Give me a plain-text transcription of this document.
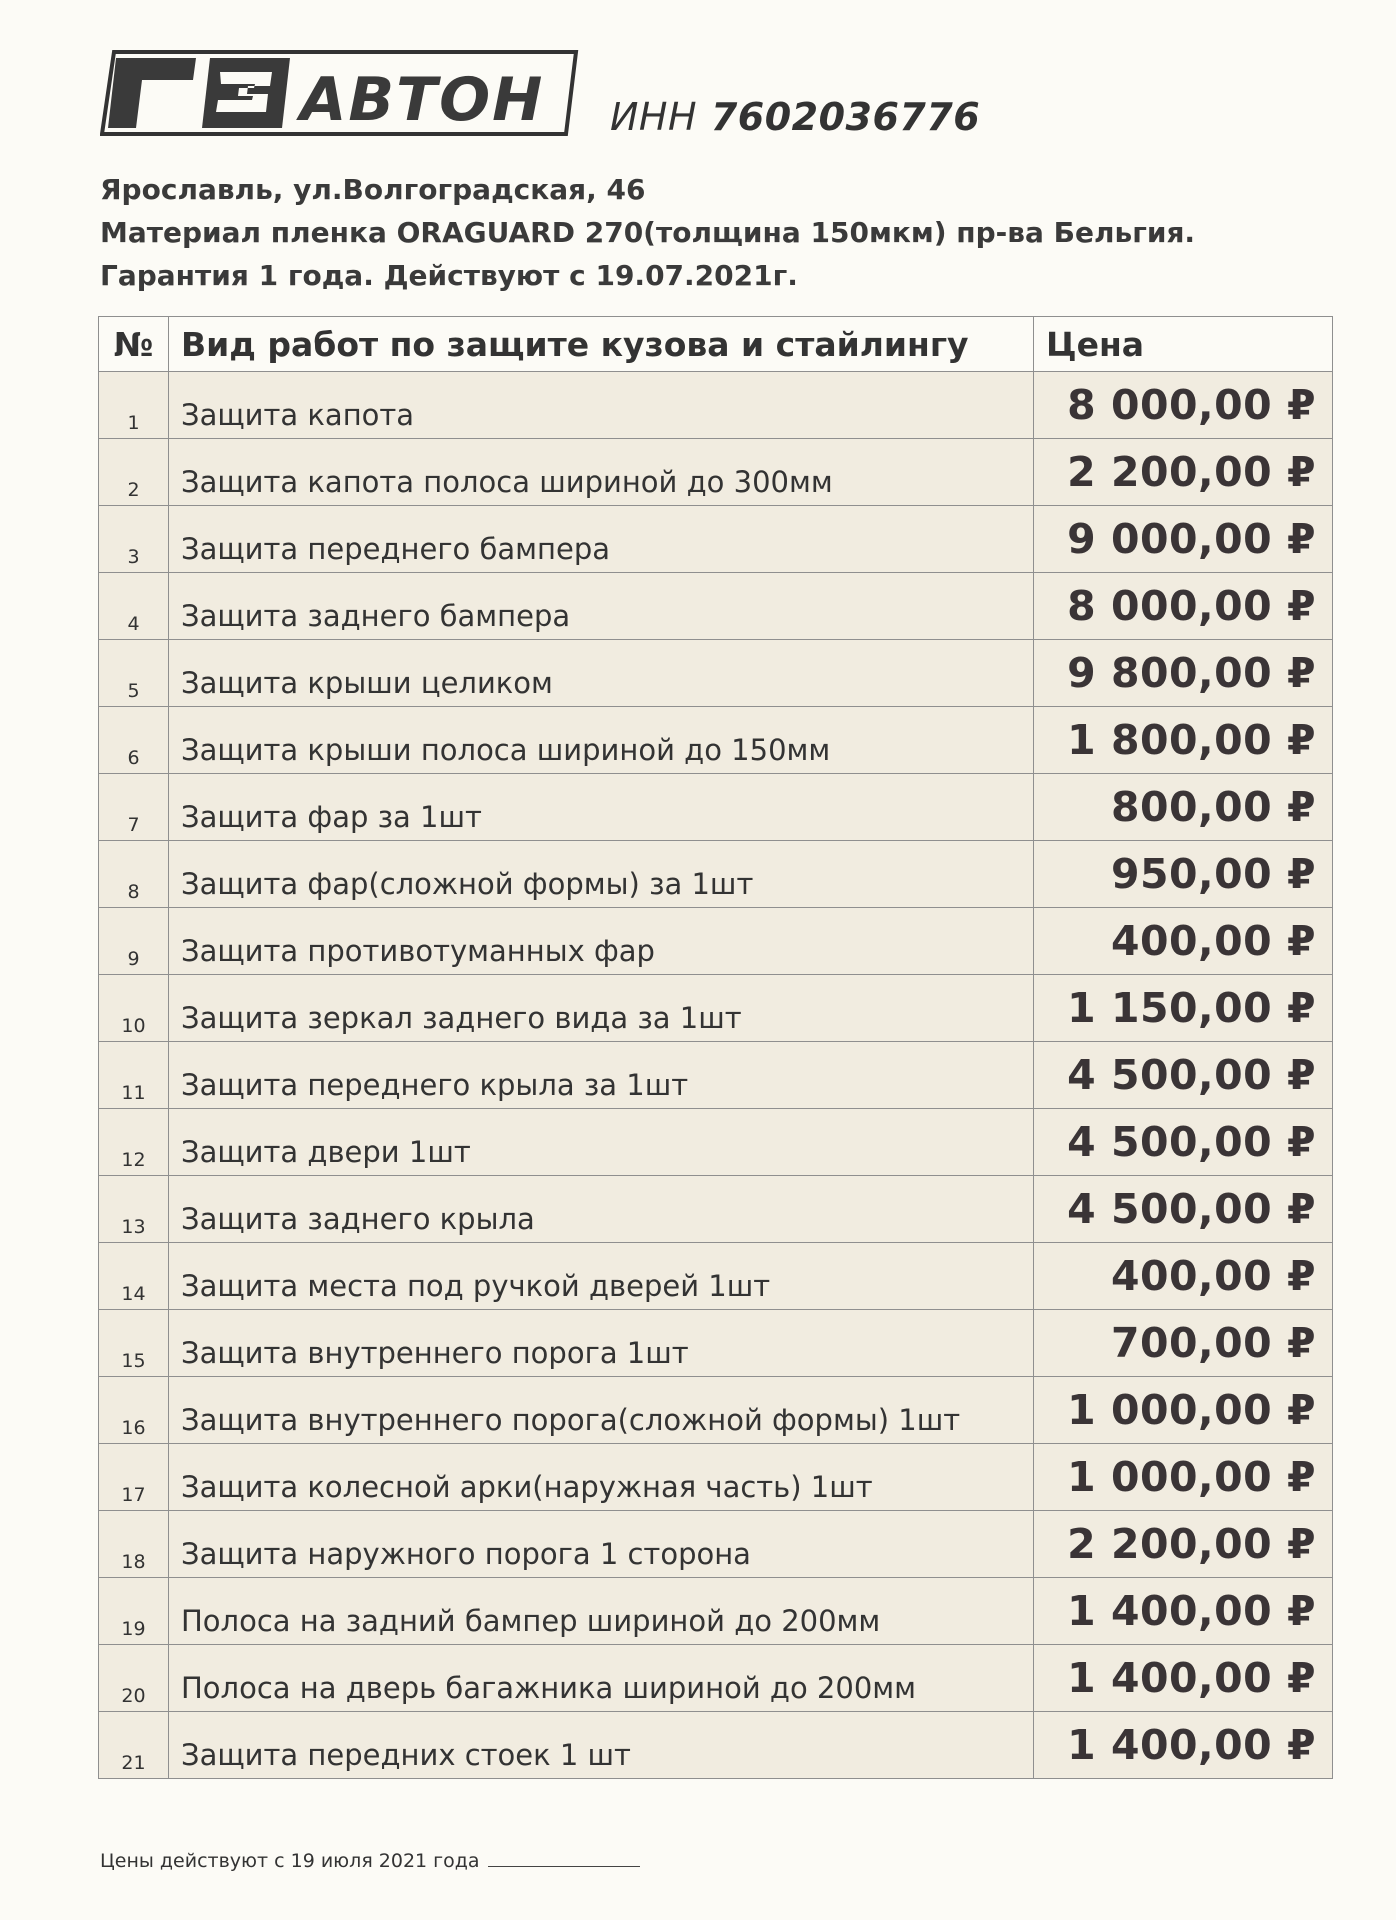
АВТОН ИНН 7602036776
Ярославль, ул.Волгоградская, 46
Материал пленка ORAGUARD 270(толщина 150мкм) пр-ва Бельгия.
Гарантия 1 года. Действуют с 19.07.2021г.
№	Вид работ по защите кузова и стайлингу	Цена
1	Защита капота	8 000,00 ₽
2	Защита капота полоса шириной до 300мм	2 200,00 ₽
3	Защита переднего бампера	9 000,00 ₽
4	Защита заднего бампера	8 000,00 ₽
5	Защита крыши целиком	9 800,00 ₽
6	Защита крыши полоса шириной до 150мм	1 800,00 ₽
7	Защита фар за 1шт	800,00 ₽
8	Защита фар(сложной формы) за 1шт	950,00 ₽
9	Защита противотуманных фар	400,00 ₽
10	Защита зеркал заднего вида за 1шт	1 150,00 ₽
11	Защита переднего крыла за 1шт	4 500,00 ₽
12	Защита двери 1шт	4 500,00 ₽
13	Защита заднего крыла	4 500,00 ₽
14	Защита места под ручкой дверей 1шт	400,00 ₽
15	Защита внутреннего порога 1шт	700,00 ₽
16	Защита внутреннего порога(сложной формы) 1шт	1 000,00 ₽
17	Защита колесной арки(наружная часть) 1шт	1 000,00 ₽
18	Защита наружного порога 1 сторона	2 200,00 ₽
19	Полоса на задний бампер шириной до 200мм	1 400,00 ₽
20	Полоса на дверь багажника шириной до 200мм	1 400,00 ₽
21	Защита передних стоек 1 шт	1 400,00 ₽
Цены действуют с 19 июля 2021 года
